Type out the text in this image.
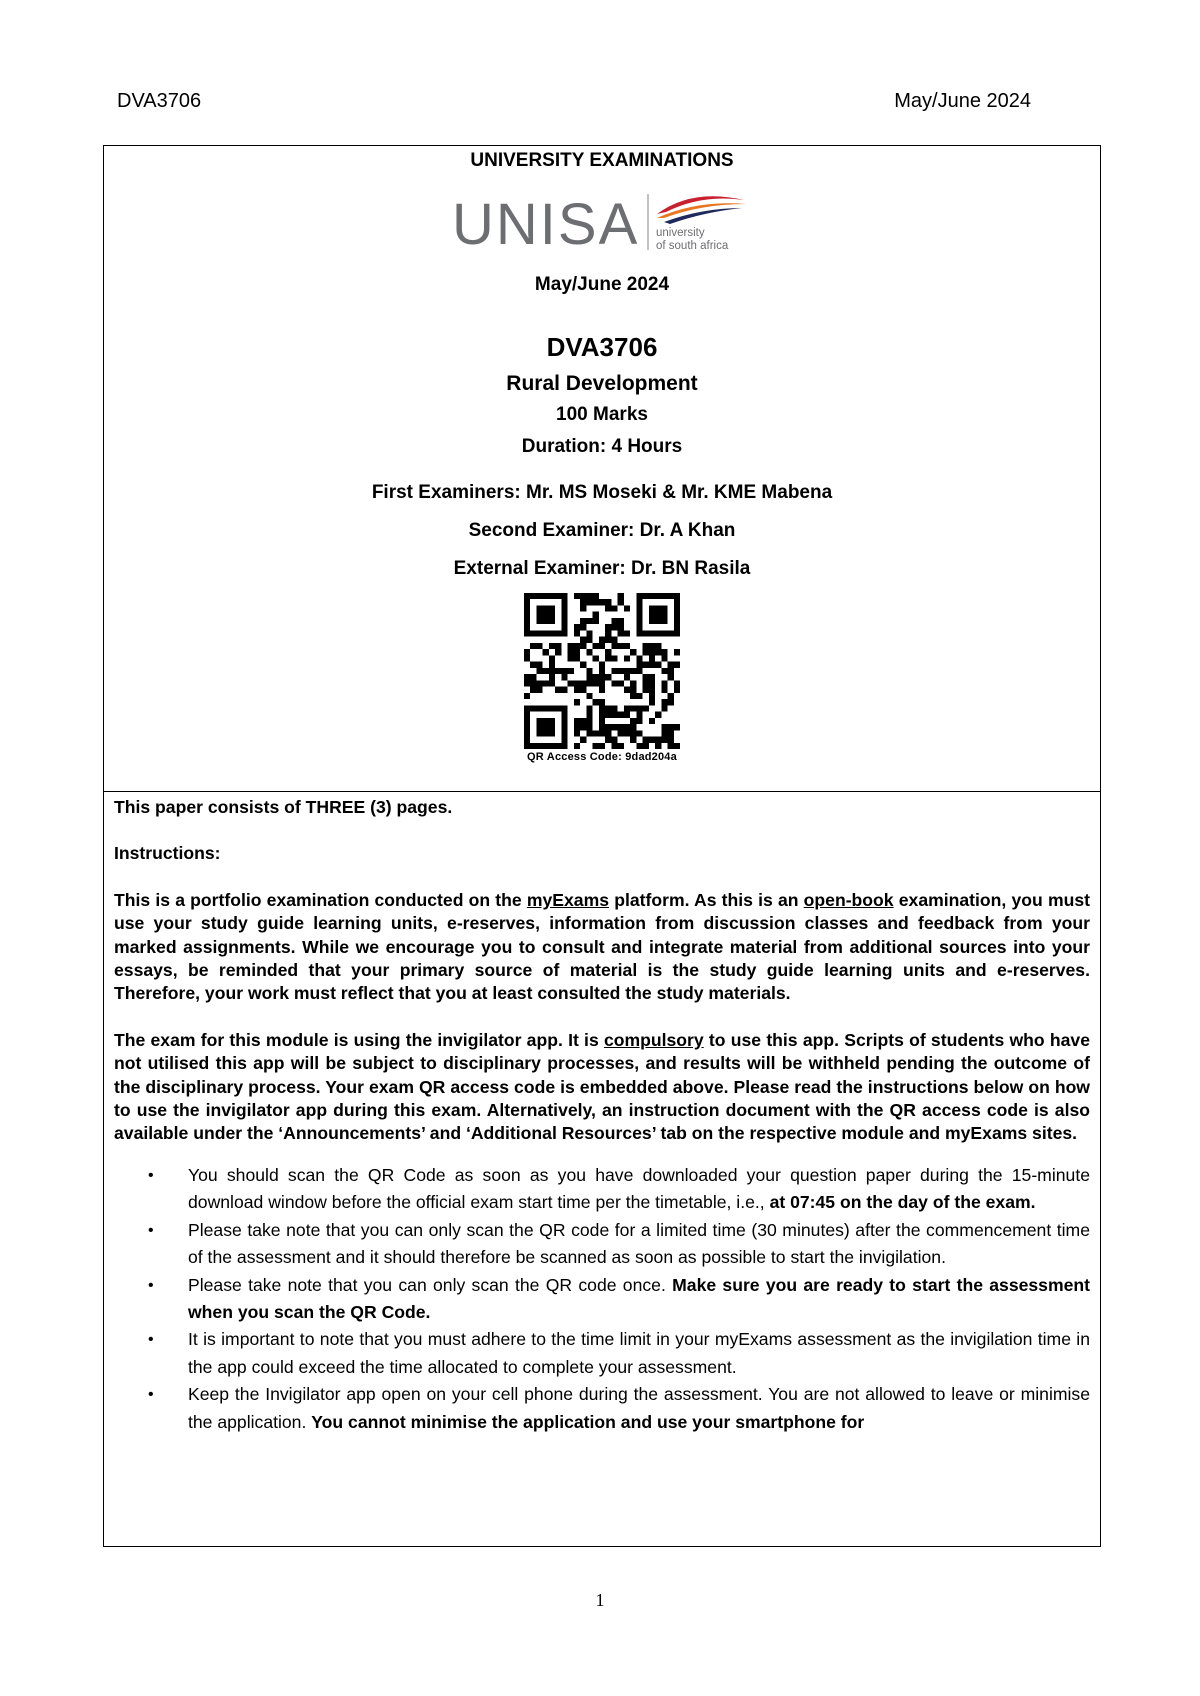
DVA3706	May/June 2024
UNIVERSITY EXAMINATIONS
UNISA university
of south africa
May/June 2024
DVA3706
Rural Development
100 Marks
Duration: 4 Hours
First Examiners: Mr. MS Moseki & Mr. KME Mabena
Second Examiner: Dr. A Khan
External Examiner: Dr. BN Rasila
QR Access Code: 9dad204a

This paper consists of THREE (3) pages.

Instructions:

This is a portfolio examination conducted on the myExams platform. As this is an open-book examination, you must use your study guide learning units, e-reserves, information from discussion classes and feedback from your marked assignments. While we encourage you to consult and integrate material from additional sources into your essays, be reminded that your primary source of material is the study guide learning units and e-reserves. Therefore, your work must reflect that you at least consulted the study materials.

The exam for this module is using the invigilator app. It is compulsory to use this app. Scripts of students who have not utilised this app will be subject to disciplinary processes, and results will be withheld pending the outcome of the disciplinary process. Your exam QR access code is embedded above. Please read the instructions below on how to use the invigilator app during this exam. Alternatively, an instruction document with the QR access code is also available under the ‘Announcements’ and ‘Additional Resources’ tab on the respective module and myExams sites.

• You should scan the QR Code as soon as you have downloaded your question paper during the 15-minute download window before the official exam start time per the timetable, i.e., at 07:45 on the day of the exam.
• Please take note that you can only scan the QR code for a limited time (30 minutes) after the commencement time of the assessment and it should therefore be scanned as soon as possible to start the invigilation.
• Please take note that you can only scan the QR code once. Make sure you are ready to start the assessment when you scan the QR Code.
• It is important to note that you must adhere to the time limit in your myExams assessment as the invigilation time in the app could exceed the time allocated to complete your assessment.
• Keep the Invigilator app open on your cell phone during the assessment. You are not allowed to leave or minimise the application. You cannot minimise the application and use your smartphone for
1
